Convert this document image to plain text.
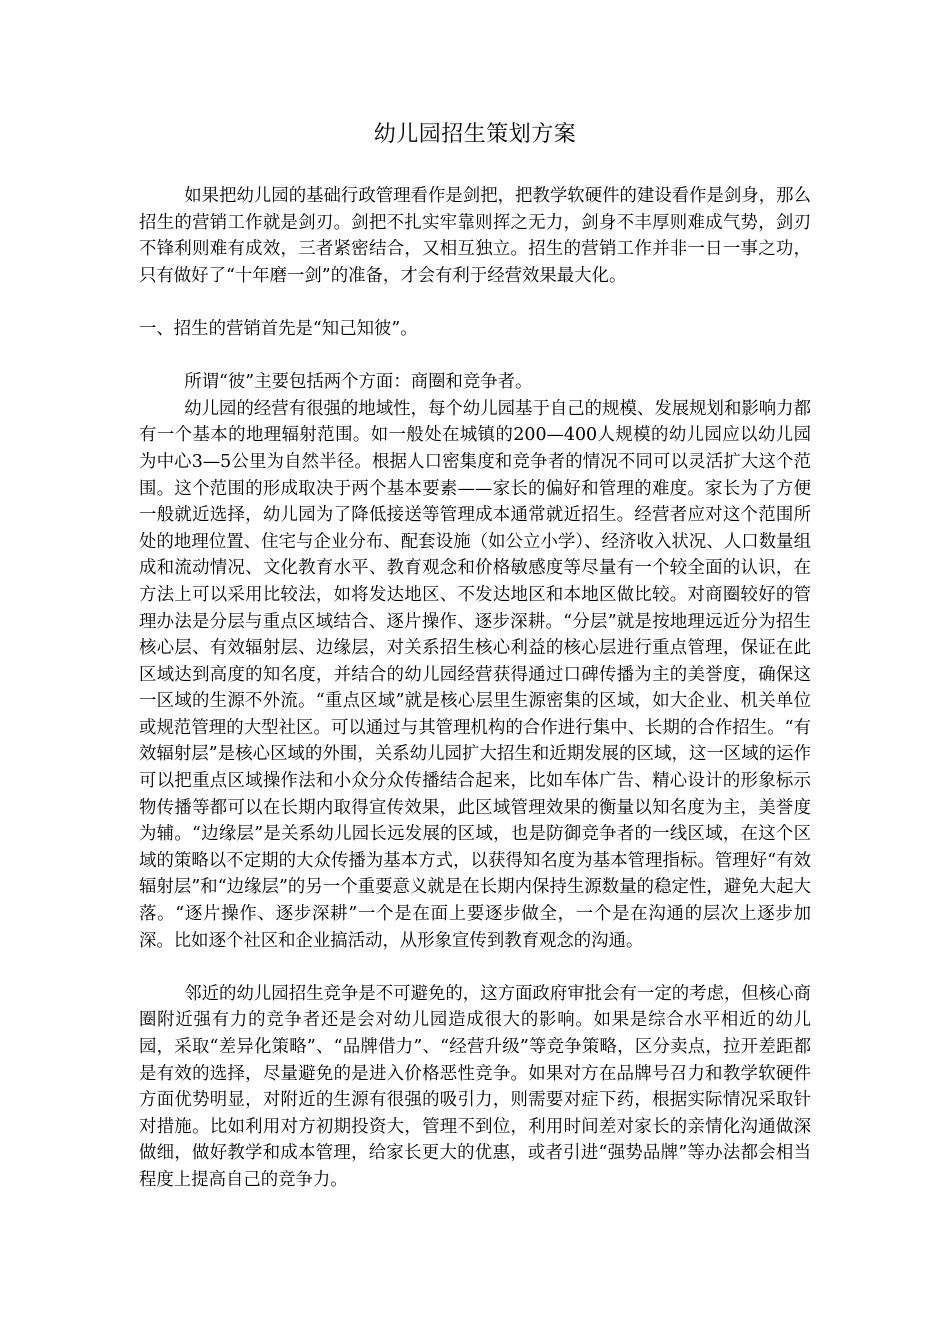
幼儿园招生策划方案

如果把幼儿园的基础行政管理看作是剑把，把教学软硬件的建设看作是剑身，那么招生的营销工作就是剑刃。剑把不扎实牢靠则挥之无力，剑身不丰厚则难成气势，剑刃不锋利则难有成效，三者紧密结合，又相互独立。招生的营销工作并非一日一事之功，只有做好了“十年磨一剑”的准备，才会有利于经营效果最大化。

一、招生的营销首先是“知己知彼”。

所谓“彼”主要包括两个方面：商圈和竞争者。

幼儿园的经营有很强的地域性，每个幼儿园基于自己的规模、发展规划和影响力都有一个基本的地理辐射范围。如一般处在城镇的200—400人规模的幼儿园应以幼儿园为中心3—5公里为自然半径。根据人口密集度和竞争者的情况不同可以灵活扩大这个范围。这个范围的形成取决于两个基本要素——家长的偏好和管理的难度。家长为了方便一般就近选择，幼儿园为了降低接送等管理成本通常就近招生。经营者应对这个范围所处的地理位置、住宅与企业分布、配套设施（如公立小学）、经济收入状况、人口数量组成和流动情况、文化教育水平、教育观念和价格敏感度等尽量有一个较全面的认识，在方法上可以采用比较法，如将发达地区、不发达地区和本地区做比较。对商圈较好的管理办法是分层与重点区域结合、逐片操作、逐步深耕。“分层”就是按地理远近分为招生核心层、有效辐射层、边缘层，对关系招生核心利益的核心层进行重点管理，保证在此区域达到高度的知名度，并结合的幼儿园经营获得通过口碑传播为主的美誉度，确保这一区域的生源不外流。“重点区域”就是核心层里生源密集的区域，如大企业、机关单位或规范管理的大型社区。可以通过与其管理机构的合作进行集中、长期的合作招生。“有效辐射层”是核心区域的外围，关系幼儿园扩大招生和近期发展的区域，这一区域的运作可以把重点区域操作法和小众分众传播结合起来，比如车体广告、精心设计的形象标示物传播等都可以在长期内取得宣传效果，此区域管理效果的衡量以知名度为主，美誉度为辅。“边缘层”是关系幼儿园长远发展的区域，也是防御竞争者的一线区域，在这个区域的策略以不定期的大众传播为基本方式，以获得知名度为基本管理指标。管理好“有效辐射层”和“边缘层”的另一个重要意义就是在长期内保持生源数量的稳定性，避免大起大落。“逐片操作、逐步深耕”一个是在面上要逐步做全，一个是在沟通的层次上逐步加深。比如逐个社区和企业搞活动，从形象宣传到教育观念的沟通。

邻近的幼儿园招生竞争是不可避免的，这方面政府审批会有一定的考虑，但核心商圈附近强有力的竞争者还是会对幼儿园造成很大的影响。如果是综合水平相近的幼儿园，采取“差异化策略”、“品牌借力”、“经营升级”等竞争策略，区分卖点，拉开差距都是有效的选择，尽量避免的是进入价格恶性竞争。如果对方在品牌号召力和教学软硬件方面优势明显，对附近的生源有很强的吸引力，则需要对症下药，根据实际情况采取针对措施。比如利用对方初期投资大，管理不到位，利用时间差对家长的亲情化沟通做深做细，做好教学和成本管理，给家长更大的优惠，或者引进“强势品牌”等办法都会相当程度上提高自己的竞争力。
